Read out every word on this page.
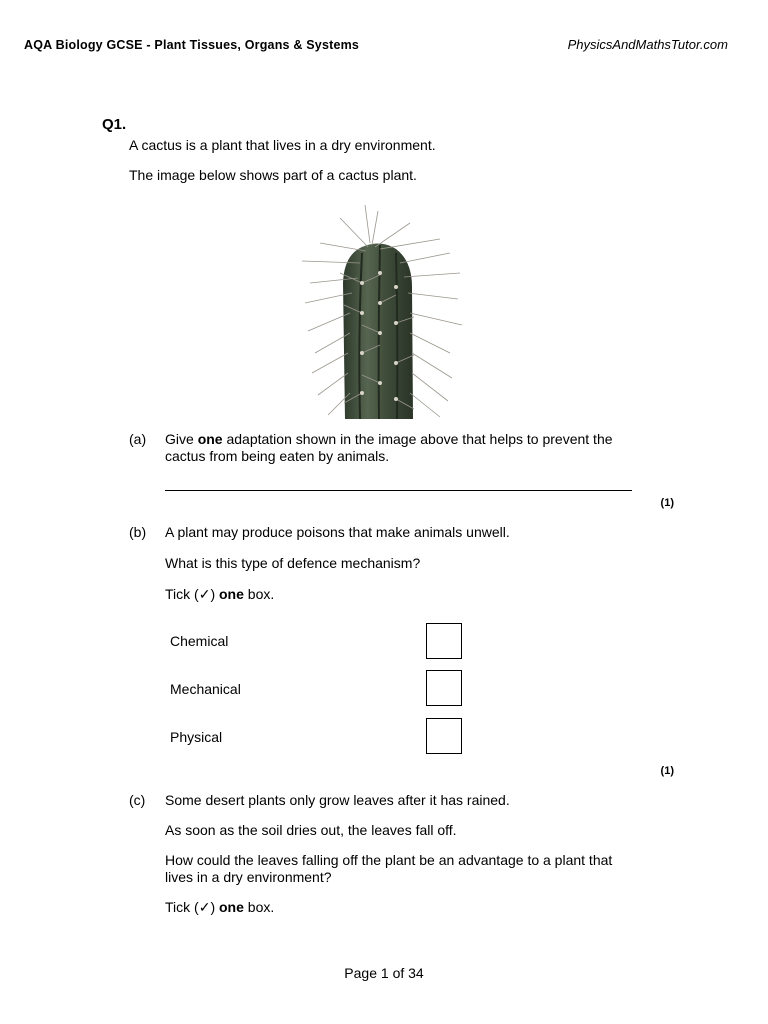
AQA Biology GCSE - Plant Tissues, Organs & Systems	PhysicsAndMathsTutor.com
Q1.
A cactus is a plant that lives in a dry environment.
The image below shows part of a cactus plant.
(a) Give one adaptation shown in the image above that helps to prevent the
cactus from being eaten by animals.
(1)
(b) A plant may produce poisons that make animals unwell.
What is this type of defence mechanism?
Tick (✓) one box.
Chemical
Mechanical
Physical
(1)
(c) Some desert plants only grow leaves after it has rained.
As soon as the soil dries out, the leaves fall off.
How could the leaves falling off the plant be an advantage to a plant that
lives in a dry environment?
Tick (✓) one box.
Page 1 of 34
